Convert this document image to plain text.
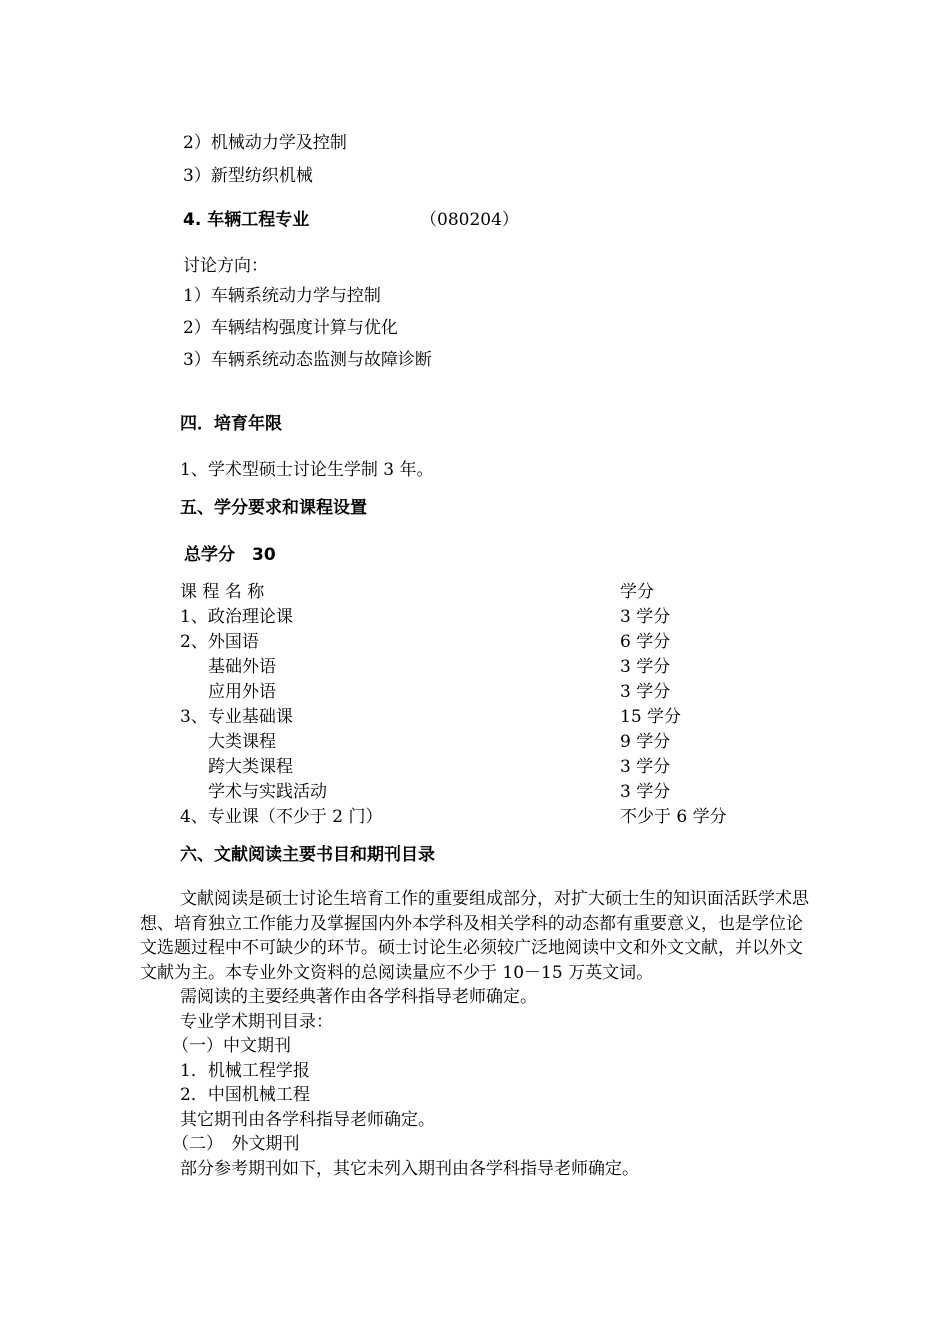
2）机械动力学及控制
3）新型纺织机械
4. 车辆工程专业	（080204）
讨论方向：
1）车辆系统动力学与控制
2）车辆结构强度计算与优化
3）车辆系统动态监测与故障诊断
四．培育年限
1、学术型硕士讨论生学制 3 年。
五、学分要求和课程设置
总学分　30
课 程 名 称	学分
1、政治理论课	3 学分
2、外国语	6 学分
基础外语	3 学分
应用外语	3 学分
3、专业基础课	15 学分
大类课程	9 学分
跨大类课程	3 学分
学术与实践活动	3 学分
4、专业课（不少于 2 门）	不少于 6 学分
六、文献阅读主要书目和期刊目录

文献阅读是硕士讨论生培育工作的重要组成部分，对扩大硕士生的知识面活跃学术思想、培育独立工作能力及掌握国内外本学科及相关学科的动态都有重要意义，也是学位论文选题过程中不可缺少的环节。硕士讨论生必须较广泛地阅读中文和外文文献，并以外文文献为主。本专业外文资料的总阅读量应不少于 10－15 万英文词。

需阅读的主要经典著作由各学科指导老师确定。

专业学术期刊目录：

（一）中文期刊

1．机械工程学报

2．中国机械工程

其它期刊由各学科指导老师确定。

（二）　外文期刊

部分参考期刊如下，其它未列入期刊由各学科指导老师确定。
